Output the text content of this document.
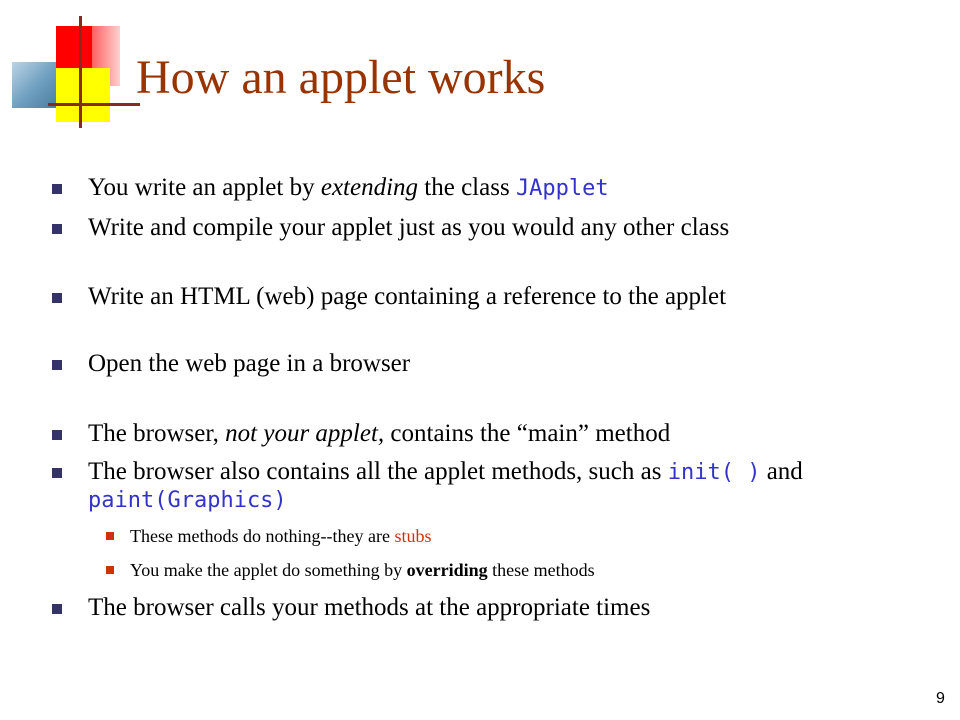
How an applet works
You write an applet by extending the class JApplet
Write and compile your applet just as you would any other class
Write an HTML (web) page containing a reference to the applet
Open the web page in a browser
The browser, not your applet, contains the “main” method
The browser also contains all the applet methods, such as init( ) and paint(Graphics)
These methods do nothing--they are stubs
You make the applet do something by overriding these methods
The browser calls your methods at the appropriate times
9
